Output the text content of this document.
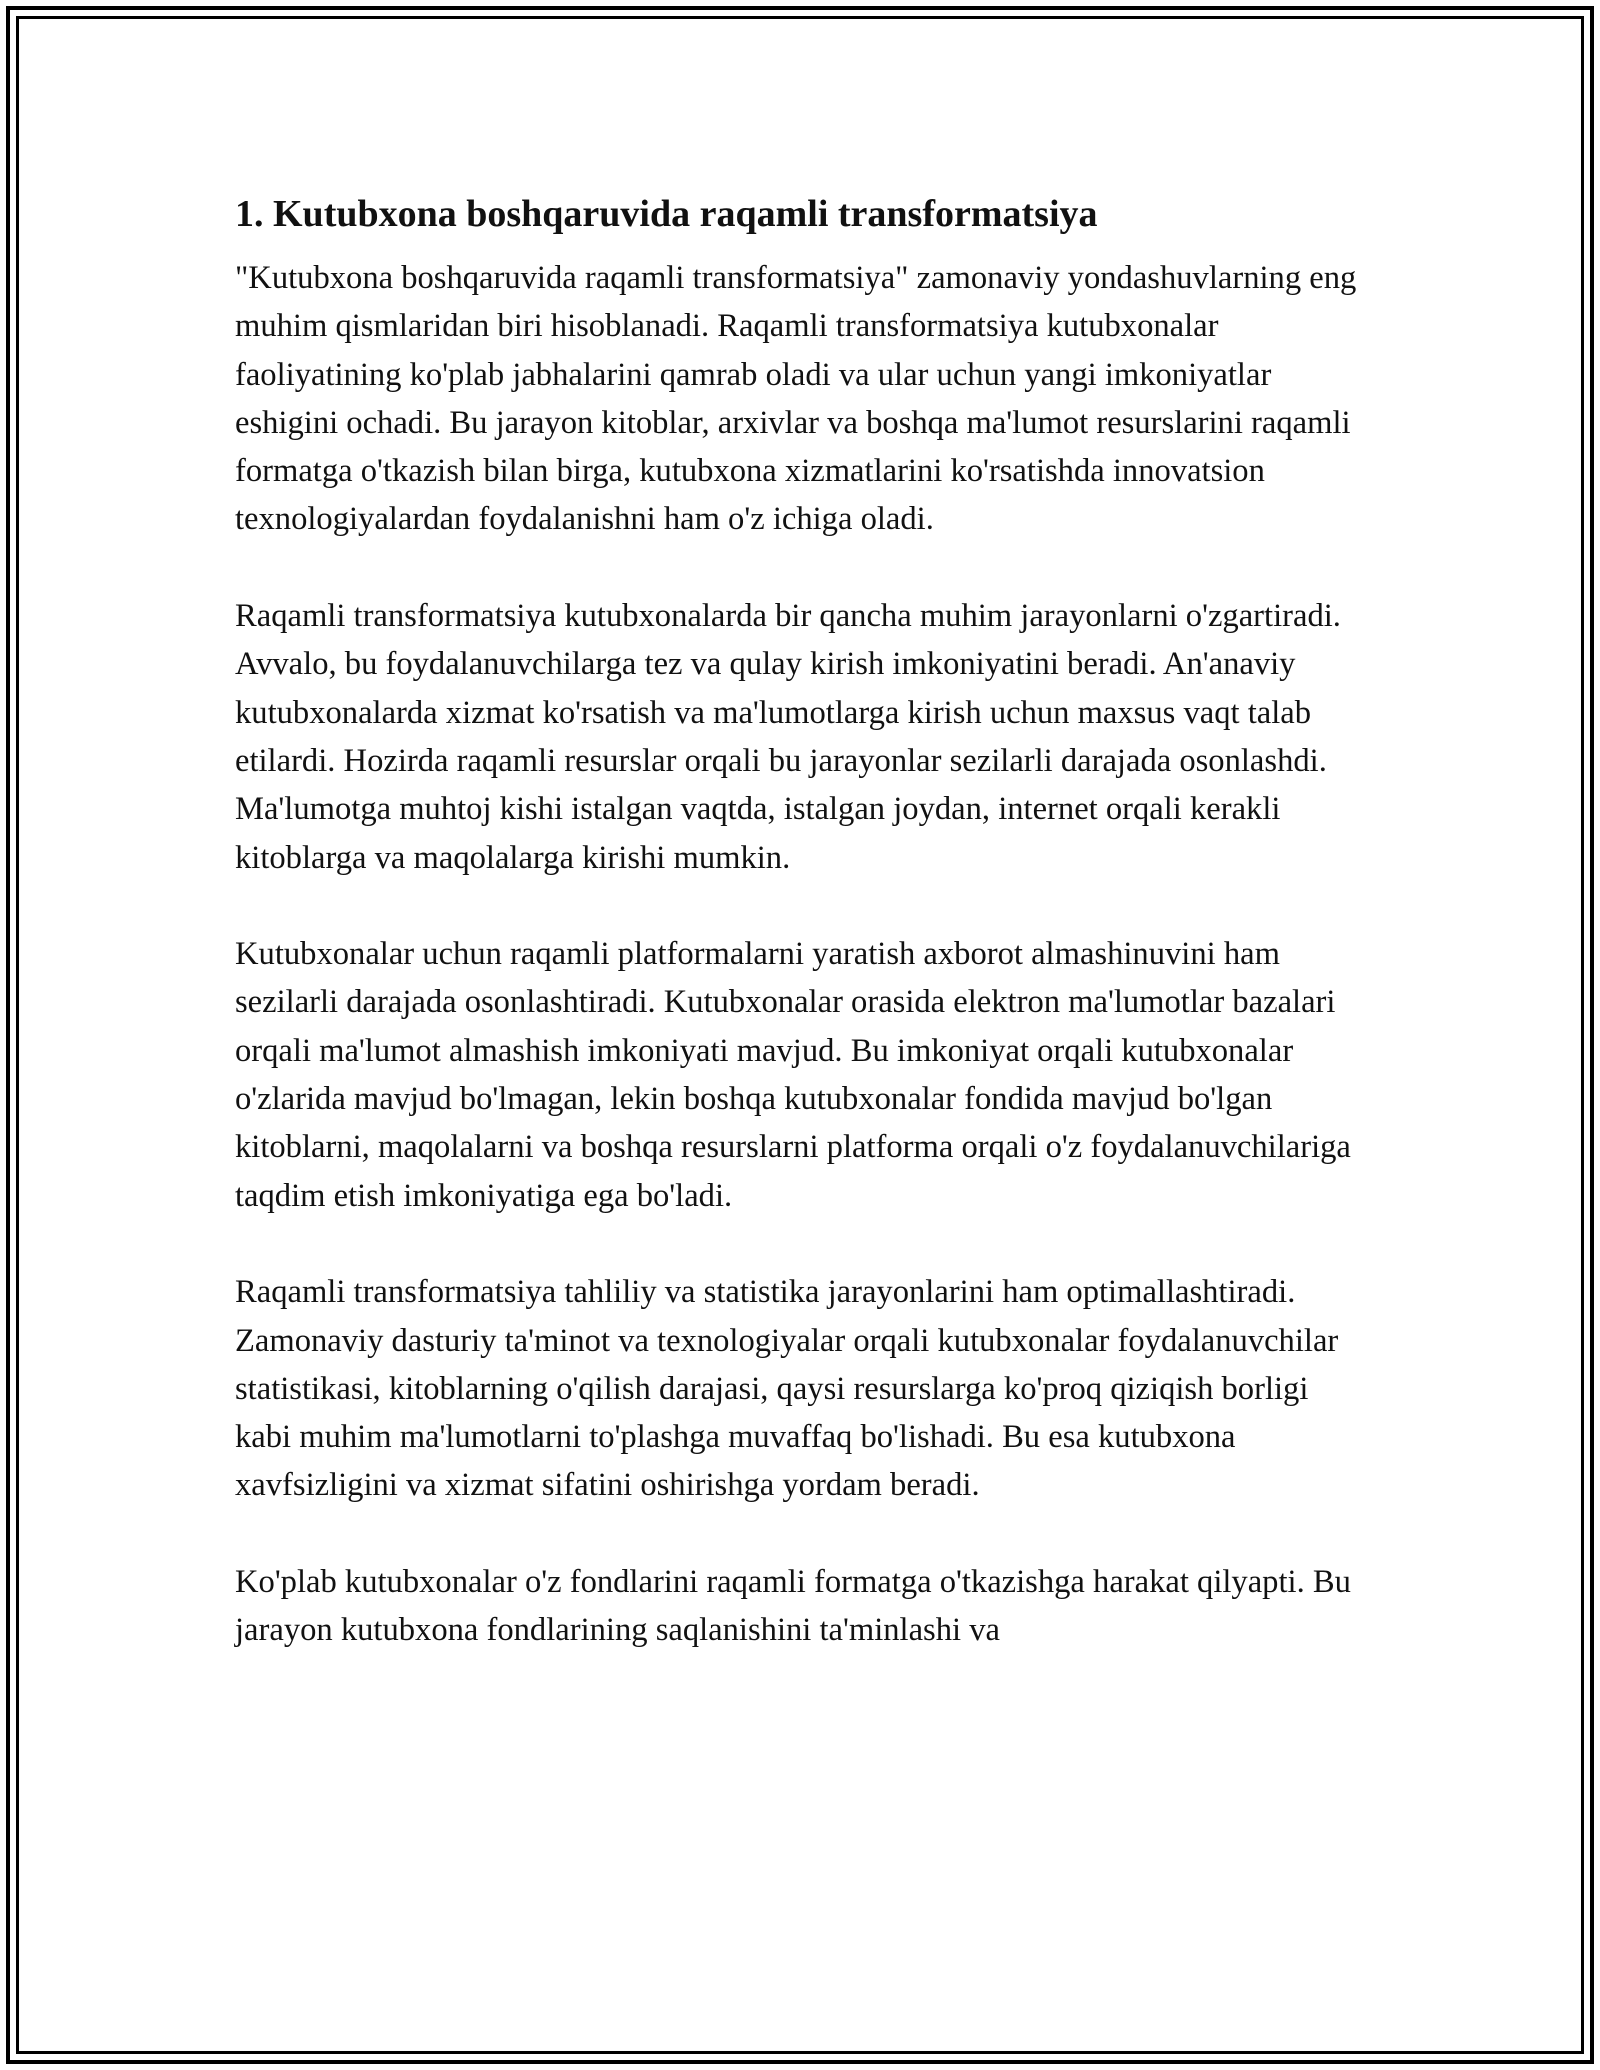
1. Kutubxona boshqaruvida raqamli transformatsiya

"Kutubxona boshqaruvida raqamli transformatsiya" zamonaviy yondashuvlarning eng muhim qismlaridan biri hisoblanadi. Raqamli transformatsiya kutubxonalar faoliyatining ko'plab jabhalarini qamrab oladi va ular uchun yangi imkoniyatlar eshigini ochadi. Bu jarayon kitoblar, arxivlar va boshqa ma'lumot resurslarini raqamli formatga o'tkazish bilan birga, kutubxona xizmatlarini ko'rsatishda innovatsion texnologiyalardan foydalanishni ham o'z ichiga oladi.

Raqamli transformatsiya kutubxonalarda bir qancha muhim jarayonlarni o'zgartiradi. Avvalo, bu foydalanuvchilarga tez va qulay kirish imkoniyatini beradi. An'anaviy kutubxonalarda xizmat ko'rsatish va ma'lumotlarga kirish uchun maxsus vaqt talab etilardi. Hozirda raqamli resurslar orqali bu jarayonlar sezilarli darajada osonlashdi. Ma'lumotga muhtoj kishi istalgan vaqtda, istalgan joydan, internet orqali kerakli kitoblarga va maqolalarga kirishi mumkin.

Kutubxonalar uchun raqamli platformalarni yaratish axborot almashinuvini ham sezilarli darajada osonlashtiradi. Kutubxonalar orasida elektron ma'lumotlar bazalari orqali ma'lumot almashish imkoniyati mavjud. Bu imkoniyat orqali kutubxonalar o'zlarida mavjud bo'lmagan, lekin boshqa kutubxonalar fondida mavjud bo'lgan kitoblarni, maqolalarni va boshqa resurslarni platforma orqali o'z foydalanuvchilariga taqdim etish imkoniyatiga ega bo'ladi.

Raqamli transformatsiya tahliliy va statistika jarayonlarini ham optimallashtiradi. Zamonaviy dasturiy ta'minot va texnologiyalar orqali kutubxonalar foydalanuvchilar statistikasi, kitoblarning o'qilish darajasi, qaysi resurslarga ko'proq qiziqish borligi kabi muhim ma'lumotlarni to'plashga muvaffaq bo'lishadi. Bu esa kutubxona xavfsizligini va xizmat sifatini oshirishga yordam beradi.

Ko'plab kutubxonalar o'z fondlarini raqamli formatga o'tkazishga harakat qilyapti. Bu jarayon kutubxona fondlarining saqlanishini ta'minlashi va
